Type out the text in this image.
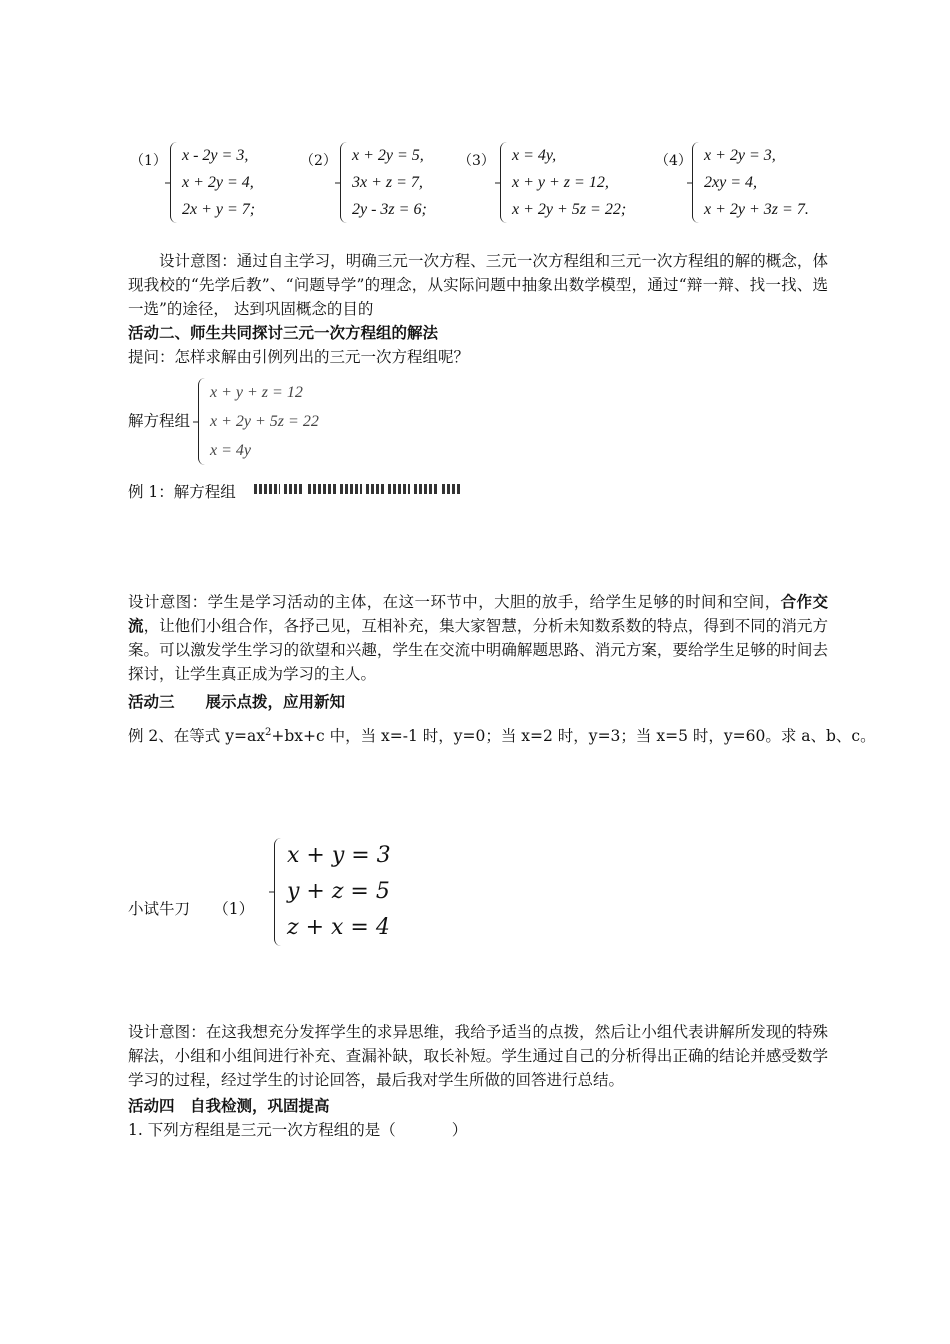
（1） x - 2y = 3,
x + 2y = 4,
2x + y = 7;
（2） x + 2y = 5,
3x + z = 7,
2y - 3z = 6;
（3） x = 4y,
x + y + z = 12,
x + 2y + 5z = 22;
（4） x + 2y = 3,
2xy = 4,
x + 2y + 3z = 7.
设计意图：通过自主学习，明确三元一次方程、三元一次方程组和三元一次方程组的解的概念，体现我校的“先学后教”、“问题导学”的理念，从实际问题中抽象出数学模型，通过“辩一辩、找一找、选一选”的途径， 达到巩固概念的目的
活动二、师生共同探讨三元一次方程组的解法
提问：怎样求解由引例列出的三元一次方程组呢？
解方程组
x + y + z = 12
x + 2y + 5z = 22
x = 4y
例 1：解方程组
设计意图：学生是学习活动的主体，在这一环节中，大胆的放手，给学生足够的时间和空间，合作交流，让他们小组合作，各抒己见，互相补充，集大家智慧，分析未知数系数的特点，得到不同的消元方案。可以激发学生学习的欲望和兴趣，学生在交流中明确解题思路、消元方案，要给学生足够的时间去探讨，让学生真正成为学习的主人。
活动三　　展示点拨，应用新知
例 2、在等式 $y=ax^2+bx+c$ 中，当 x=-1 时，y=0；当 x=2 时，y=3；当 x=5 时，y=60。求 a、b、c。
小试牛刀　　（1）
x + y = 3
y + z = 5
z + x = 4
设计意图：在这我想充分发挥学生的求异思维，我给予适当的点拨，然后让小组代表讲解所发现的特殊解法，小组和小组间进行补充、查漏补缺，取长补短。学生通过自己的分析得出正确的结论并感受数学学习的过程，经过学生的讨论回答，最后我对学生所做的回答进行总结。
活动四　自我检测，巩固提高
1. 下列方程组是三元一次方程组的是（	）
